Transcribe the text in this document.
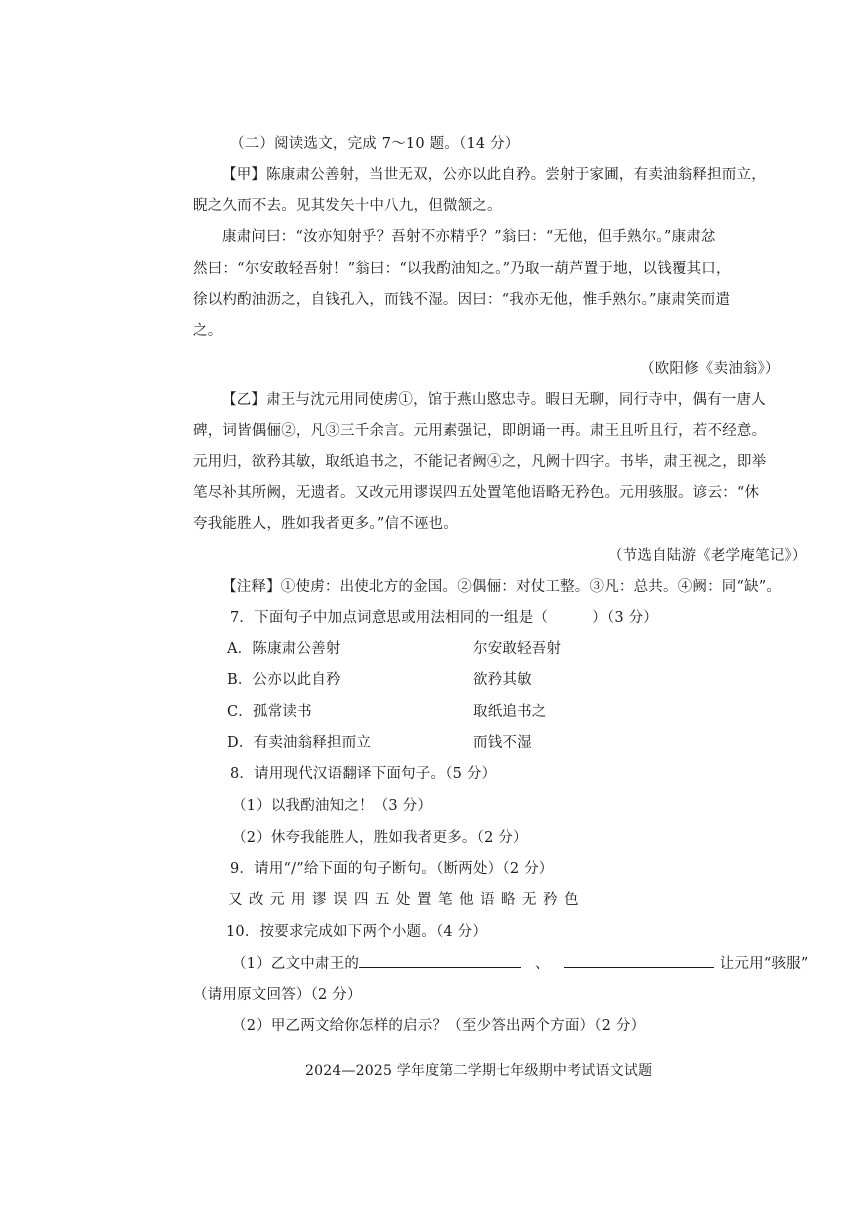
（二）阅读选文，完成 7～10 题。（14 分）
【甲】陈康肃公善射，当世无双，公亦以此自矜。尝射于家圃，有卖油翁释担而立，
睨之久而不去。见其发矢十中八九，但微颔之。
康肃问曰：“汝亦知射乎？吾射不亦精乎？”翁曰：“无他，但手熟尔。”康肃忿
然曰：“尔安敢轻吾射！”翁曰：“以我酌油知之。”乃取一葫芦置于地，以钱覆其口，
徐以杓酌油沥之，自钱孔入，而钱不湿。因曰：“我亦无他，惟手熟尔。”康肃笑而遣
之。
（欧阳修《卖油翁》）
【乙】肃王与沈元用同使虏①，馆于燕山愍忠寺。暇日无聊，同行寺中，偶有一唐人
碑，词皆偶俪②，凡③三千余言。元用素强记，即朗诵一再。肃王且听且行，若不经意。
元用归，欲矜其敏，取纸追书之，不能记者阙④之，凡阙十四字。书毕，肃王视之，即举
笔尽补其所阙，无遗者。又改元用谬误四五处置笔他语略无矜色。元用骇服。谚云：“休
夸我能胜人，胜如我者更多。”信不诬也。
（节选自陆游《老学庵笔记》）
【注释】①使虏：出使北方的金国。②偶俪：对仗工整。③凡：总共。④阙：同“缺”。
7．下面句子中加点词意思或用法相同的一组是（　　　）（3 分）
A．陈康肃公善射	尔安敢轻吾射
B．公亦以此自矜	欲矜其敏
C．孤常读书	取纸追书之
D．有卖油翁释担而立	而钱不湿
8．请用现代汉语翻译下面句子。（5 分）
（1）以我酌油知之！（3 分）
（2）休夸我能胜人，胜如我者更多。（2 分）
9．请用“/”给下面的句子断句。（断两处）（2 分）
又改元用谬误四五处置笔他语略无矜色
10．按要求完成如下两个小题。（4 分）
（1）乙文中肃王的	、	让元用“骇服”
（请用原文回答）（2 分）
（2）甲乙两文给你怎样的启示？（至少答出两个方面）（2 分）
2024—2025 学年度第二学期七年级期中考试语文试题
